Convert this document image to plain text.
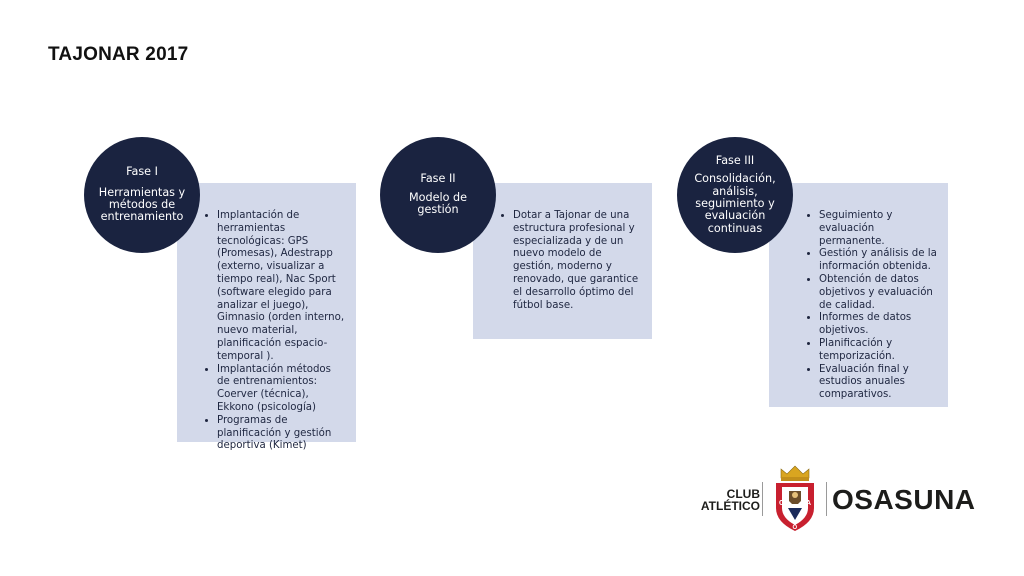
TAJONAR 2017
• Implantación de herramientas tecnológicas: GPS (Promesas), Adestrapp (externo, visualizar a tiempo real), Nac Sport (software elegido para analizar el juego), Gimnasio (orden interno, nuevo material, planificación espacio-temporal ).
• Implantación métodos de entrenamientos: Coerver (técnica), Ekkono (psicología)
• Programas de planificación y gestión deportiva (Kimet)
Fase I
Herramientas y métodos de entrenamiento	• Dotar a Tajonar de una estructura profesional y especializada y de un nuevo modelo de gestión, moderno y renovado, que garantice el desarrollo óptimo del fútbol base.
Fase II
Modelo de gestión	• Seguimiento y evaluación permanente.
• Gestión y análisis de la información obtenida.
• Obtención de datos objetivos y evaluación de calidad.
• Informes de datos objetivos.
• Planificación y temporización.
• Evaluación final y estudios anuales comparativos.
Fase III
Consolidación, análisis, seguimiento y evaluación continuas
CLUB
ATLÉTICO	C	A
O
OSASUNA
